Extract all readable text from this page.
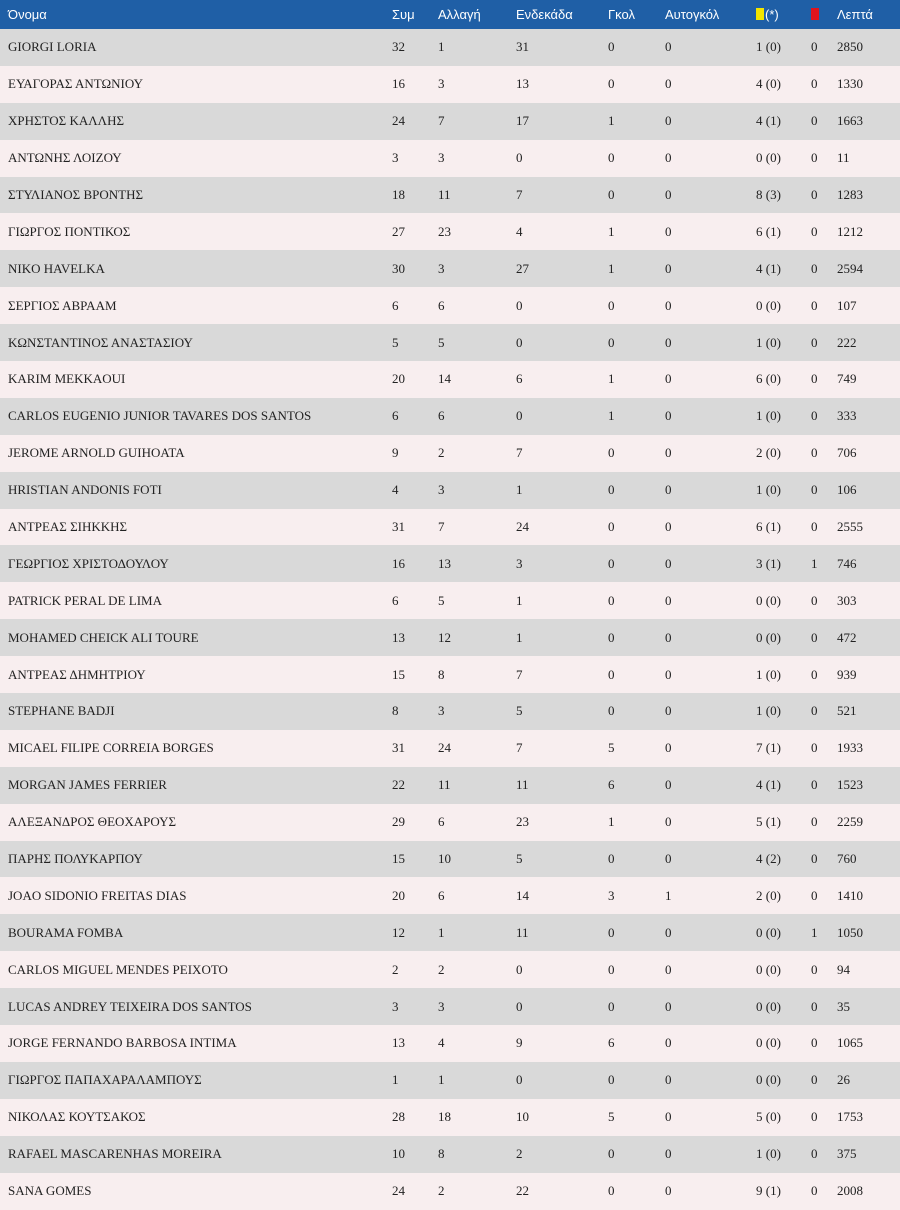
Όνομα	Συμ	Αλλαγή	Ενδεκάδα	Γκολ	Αυτογκόλ	(*)		Λεπτά
GIORGI LORIA	32	1	31	0	0	1 (0)	0	2850
ΕΥΑΓΟΡΑΣ ΑΝΤΩΝΙΟΥ	16	3	13	0	0	4 (0)	0	1330
ΧΡΗΣΤΟΣ ΚΑΛΛΗΣ	24	7	17	1	0	4 (1)	0	1663
ΑΝΤΩΝΗΣ ΛΟΙΖΟΥ	3	3	0	0	0	0 (0)	0	11
ΣΤΥΛΙΑΝΟΣ ΒΡΟΝΤΗΣ	18	11	7	0	0	8 (3)	0	1283
ΓΙΩΡΓΟΣ ΠΟΝΤΙΚΟΣ	27	23	4	1	0	6 (1)	0	1212
NIKO HAVELKA	30	3	27	1	0	4 (1)	0	2594
ΣΕΡΓΙΟΣ ΑΒΡΑΑΜ	6	6	0	0	0	0 (0)	0	107
ΚΩΝΣΤΑΝΤΙΝΟΣ ΑΝΑΣΤΑΣΙΟΥ	5	5	0	0	0	1 (0)	0	222
KARIM MEKKAOUI	20	14	6	1	0	6 (0)	0	749
CARLOS EUGENIO JUNIOR TAVARES DOS SANTOS	6	6	0	1	0	1 (0)	0	333
JEROME ARNOLD GUIHOATA	9	2	7	0	0	2 (0)	0	706
HRISTIAN ANDONIS FOTI	4	3	1	0	0	1 (0)	0	106
ΑΝΤΡΕΑΣ ΣΙΗΚΚΗΣ	31	7	24	0	0	6 (1)	0	2555
ΓΕΩΡΓΙΟΣ ΧΡΙΣΤΟΔΟΥΛΟΥ	16	13	3	0	0	3 (1)	1	746
PATRICK PERAL DE LIMA	6	5	1	0	0	0 (0)	0	303
MOHAMED CHEICK ALI TOURE	13	12	1	0	0	0 (0)	0	472
ΑΝΤΡΕΑΣ ΔΗΜΗΤΡΙΟΥ	15	8	7	0	0	1 (0)	0	939
STEPHANE BADJI	8	3	5	0	0	1 (0)	0	521
MICAEL FILIPE CORREIA BORGES	31	24	7	5	0	7 (1)	0	1933
MORGAN JAMES FERRIER	22	11	11	6	0	4 (1)	0	1523
ΑΛΕΞΑΝΔΡΟΣ ΘΕΟΧΑΡΟΥΣ	29	6	23	1	0	5 (1)	0	2259
ΠΑΡΗΣ ΠΟΛΥΚΑΡΠΟΥ	15	10	5	0	0	4 (2)	0	760
JOAO SIDONIO FREITAS DIAS	20	6	14	3	1	2 (0)	0	1410
BOURAMA FOMBA	12	1	11	0	0	0 (0)	1	1050
CARLOS MIGUEL MENDES PEIXOTO	2	2	0	0	0	0 (0)	0	94
LUCAS ANDREY TEIXEIRA DOS SANTOS	3	3	0	0	0	0 (0)	0	35
JORGE FERNANDO BARBOSA INTIMA	13	4	9	6	0	0 (0)	0	1065
ΓΙΩΡΓΟΣ ΠΑΠΑΧΑΡΑΛΑΜΠΟΥΣ	1	1	0	0	0	0 (0)	0	26
ΝΙΚΟΛΑΣ ΚΟΥΤΣΑΚΟΣ	28	18	10	5	0	5 (0)	0	1753
RAFAEL MASCARENHAS MOREIRA	10	8	2	0	0	1 (0)	0	375
SANA GOMES	24	2	22	0	0	9 (1)	0	2008
